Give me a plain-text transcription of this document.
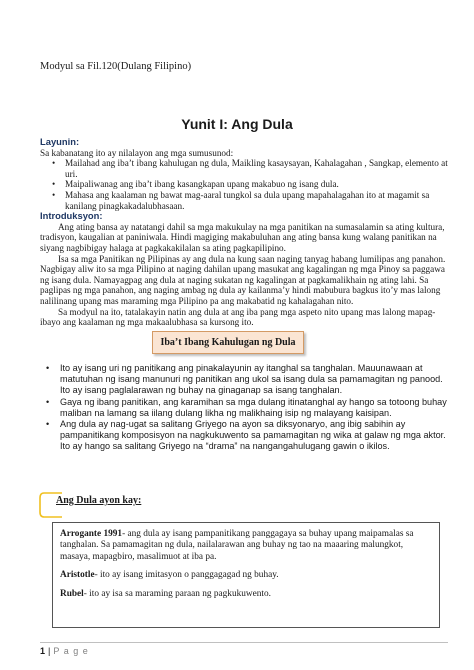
Modyul sa Fil.120(Dulang Filipino)
Yunit I: Ang Dula
Layunin:
Sa kabanatang ito ay nilalayon ang mga sumusunod:
• Mailahad ang iba’t ibang kahulugan ng dula, Maikling kasaysayan, Kahalagahan , Sangkap, elemento at uri.
• Maipaliwanag ang iba’t ibang kasangkapan upang makabuo ng isang dula.
• Mahasa ang kaalaman ng bawat mag-aaral tungkol sa dula upang mapahalagahan ito at magamit sa kanilang pinagkakadalubhasaan.
Introduksyon:

Ang ating bansa ay natatangi dahil sa mga makukulay na mga panitikan na sumasalamin sa ating kultura, tradisyon, kaugalian at paniniwala. Hindi magiging makabuluhan ang ating bansa kung walang panitikan na siyang nagbibigay halaga at pagkakakilalan sa ating pagkapilipino.

Isa sa mga Panitikan ng Pilipinas ay ang dula na kung saan naging tanyag habang lumilipas ang panahon. Nagbigay aliw ito sa mga Pilipino at naging dahilan upang masukat ang kagalingan ng mga Pinoy sa paggawa ng isang dula. Namayagpag ang dula at naging sukatan ng kagalingan at pagkamalikhain ng ating lahi. Sa paglipas ng mga panahon, ang naging ambag ng dula ay kailanma’y hindi mabubura bagkus ito’y mas lalong nalilinang upang mas maraming mga Pilipino pa ang makabatid ng kahalagahan nito.

Sa modyul na ito, tatalakayin natin ang dula at ang iba pang mga aspeto nito upang mas lalong mapag-ibayo ang kaalaman ng mga makaalubhasa sa kursong ito.

Iba’t Ibang Kahulugan ng Dula
• Ito ay isang uri ng panitikang ang pinakalayunin ay itanghal sa tanghalan. Mauunawaan at matutuhan ng isang manunuri ng panitikan ang ukol sa isang dula sa pamamagitan ng panood. Ito ay isang paglalarawan ng buhay na ginaganap sa isang tanghalan.
• Gaya ng ibang panitikan, ang karamihan sa mga dulang itinatanghal ay hango sa totoong buhay maliban na lamang sa iilang dulang likha ng malikhaing isip ng malayang kaisipan.
• Ang dula ay nag-ugat sa salitang Griyego na ayon sa diksyonaryo, ang ibig sabihin ay pampanitikang komposisyon na nagkukuwento sa pamamagitan ng wika at galaw ng mga aktor. Ito ay hango sa salitang Griyego na “drama” na nangangahulugang gawin o ikilos.
Ang Dula ayon kay:

Arrogante 1991- ang dula ay isang pampanitikang panggagaya sa buhay upang maipamalas sa tanghalan. Sa pamamagitan ng dula, nailalarawan ang buhay ng tao na maaaring malungkot, masaya, mapagbiro, masalimuot at iba pa.

Aristotle- ito ay isang imitasyon o panggagagad ng buhay.

Rubel- ito ay isa sa maraming paraan ng pagkukuwento.

1 | P a g e
